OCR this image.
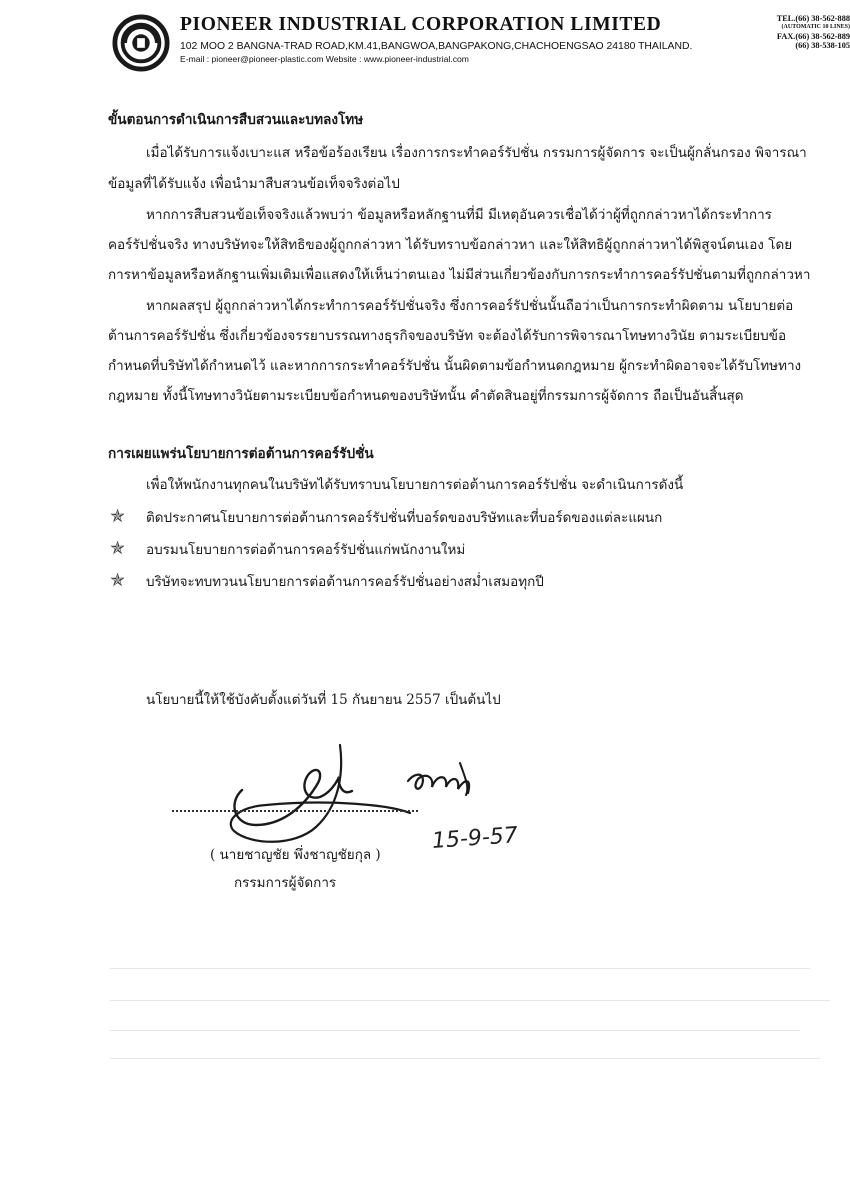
PIONEER INDUSTRIAL CORPORATION LIMITED
102 MOO 2 BANGNA-TRAD ROAD,KM.41,BANGWOA,BANGPAKONG,CHACHOENGSAO 24180 THAILAND.
E-mail : pioneer@pioneer-plastic.com Website : www.pioneer-industrial.com
TEL.(66) 38-562-888
(AUTOMATIC 10 LINES)
FAX.(66) 38-562-889
(66) 38-538-105
ขั้นตอนการดำเนินการสืบสวนและบทลงโทษ
เมื่อได้รับการแจ้งเบาะแส หรือข้อร้องเรียน เรื่องการกระทำคอร์รัปชั่น กรรมการผู้จัดการ จะเป็นผู้กลั่นกรอง พิจารณา
ข้อมูลที่ได้รับแจ้ง เพื่อนำมาสืบสวนข้อเท็จจริงต่อไป
หากการสืบสวนข้อเท็จจริงแล้วพบว่า ข้อมูลหรือหลักฐานที่มี มีเหตุอันควรเชื่อได้ว่าผู้ที่ถูกกล่าวหาได้กระทำการ
คอร์รัปชั่นจริง ทางบริษัทจะให้สิทธิของผู้ถูกกล่าวหา ได้รับทราบข้อกล่าวหา และให้สิทธิผู้ถูกกล่าวหาได้พิสูจน์ตนเอง โดย
การหาข้อมูลหรือหลักฐานเพิ่มเติมเพื่อแสดงให้เห็นว่าตนเอง ไม่มีส่วนเกี่ยวข้องกับการกระทำการคอร์รัปชั่นตามที่ถูกกล่าวหา
หากผลสรุป ผู้ถูกกล่าวหาได้กระทำการคอร์รัปชั่นจริง ซึ่งการคอร์รัปชั่นนั้นถือว่าเป็นการกระทำผิดตาม นโยบายต่อ
ต้านการคอร์รัปชั่น ซึ่งเกี่ยวข้องจรรยาบรรณทางธุรกิจของบริษัท จะต้องได้รับการพิจารณาโทษทางวินัย ตามระเบียบข้อ
กำหนดที่บริษัทได้กำหนดไว้ และหากการกระทำคอร์รัปชั่น นั้นผิดตามข้อกำหนดกฎหมาย ผู้กระทำผิดอาจจะได้รับโทษทาง
กฎหมาย ทั้งนี้โทษทางวินัยตามระเบียบข้อกำหนดของบริษัทนั้น คำตัดสินอยู่ที่กรรมการผู้จัดการ ถือเป็นอันสิ้นสุด
การเผยแพร่นโยบายการต่อต้านการคอร์รัปชั่น
เพื่อให้พนักงานทุกคนในบริษัทได้รับทราบนโยบายการต่อต้านการคอร์รัปชั่น จะดำเนินการดังนี้
✯ ติดประกาศนโยบายการต่อต้านการคอร์รัปชั่นที่บอร์ดของบริษัทและที่บอร์ดของแต่ละแผนก
✯ อบรมนโยบายการต่อต้านการคอร์รัปชั่นแก่พนักงานใหม่
✯ บริษัทจะทบทวนนโยบายการต่อต้านการคอร์รัปชั่นอย่างสม่ำเสมอทุกปี
นโยบายนี้ให้ใช้บังคับตั้งแต่วันที่ 15 กันยายน 2557 เป็นต้นไป
15-9-57
( นายชาญชัย พึ่งชาญชัยกุล )
กรรมการผู้จัดการ
